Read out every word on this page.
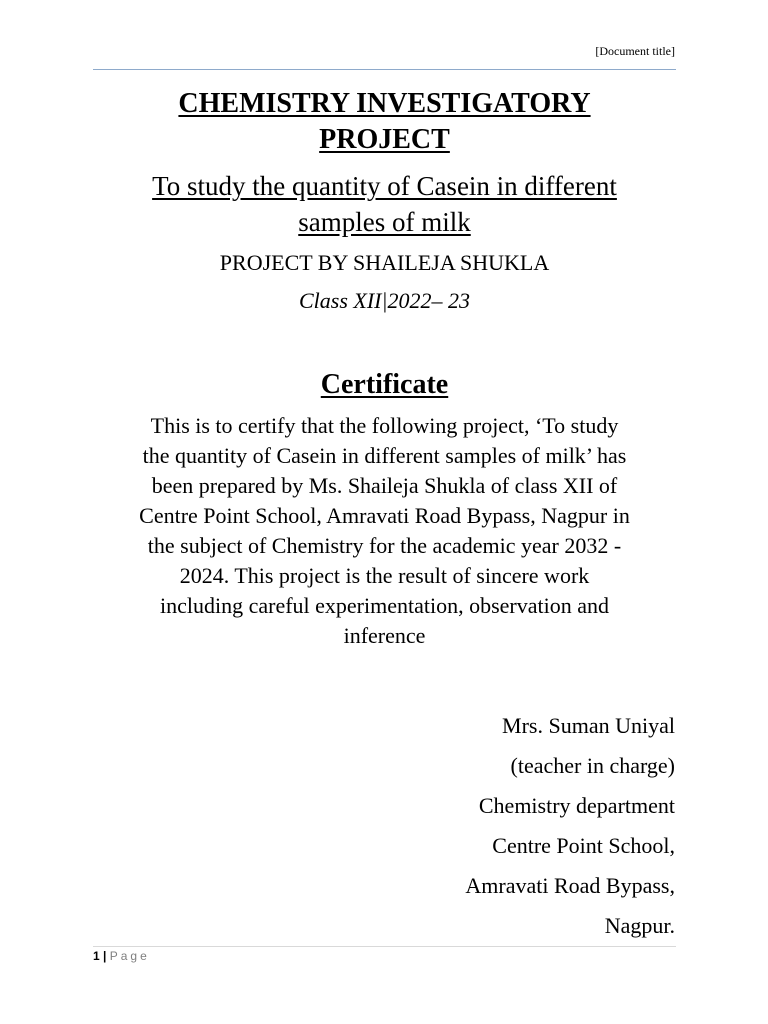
[Document title]
CHEMISTRY INVESTIGATORY
PROJECT

To study the quantity of Casein in different
samples of milk

PROJECT BY SHAILEJA SHUKLA

Class XII|2022– 23

Certificate

This is to certify that the following project, ‘To study
the quantity of Casein in different samples of milk’ has
been prepared by Ms. Shaileja Shukla of class XII of
Centre Point School, Amravati Road Bypass, Nagpur in
the subject of Chemistry for the academic year 2032 -
2024. This project is the result of sincere work
including careful experimentation, observation and
inference

Mrs. Suman Uniyal
(teacher in charge)
Chemistry department
Centre Point School,
Amravati Road Bypass,
Nagpur.
1 | Page
